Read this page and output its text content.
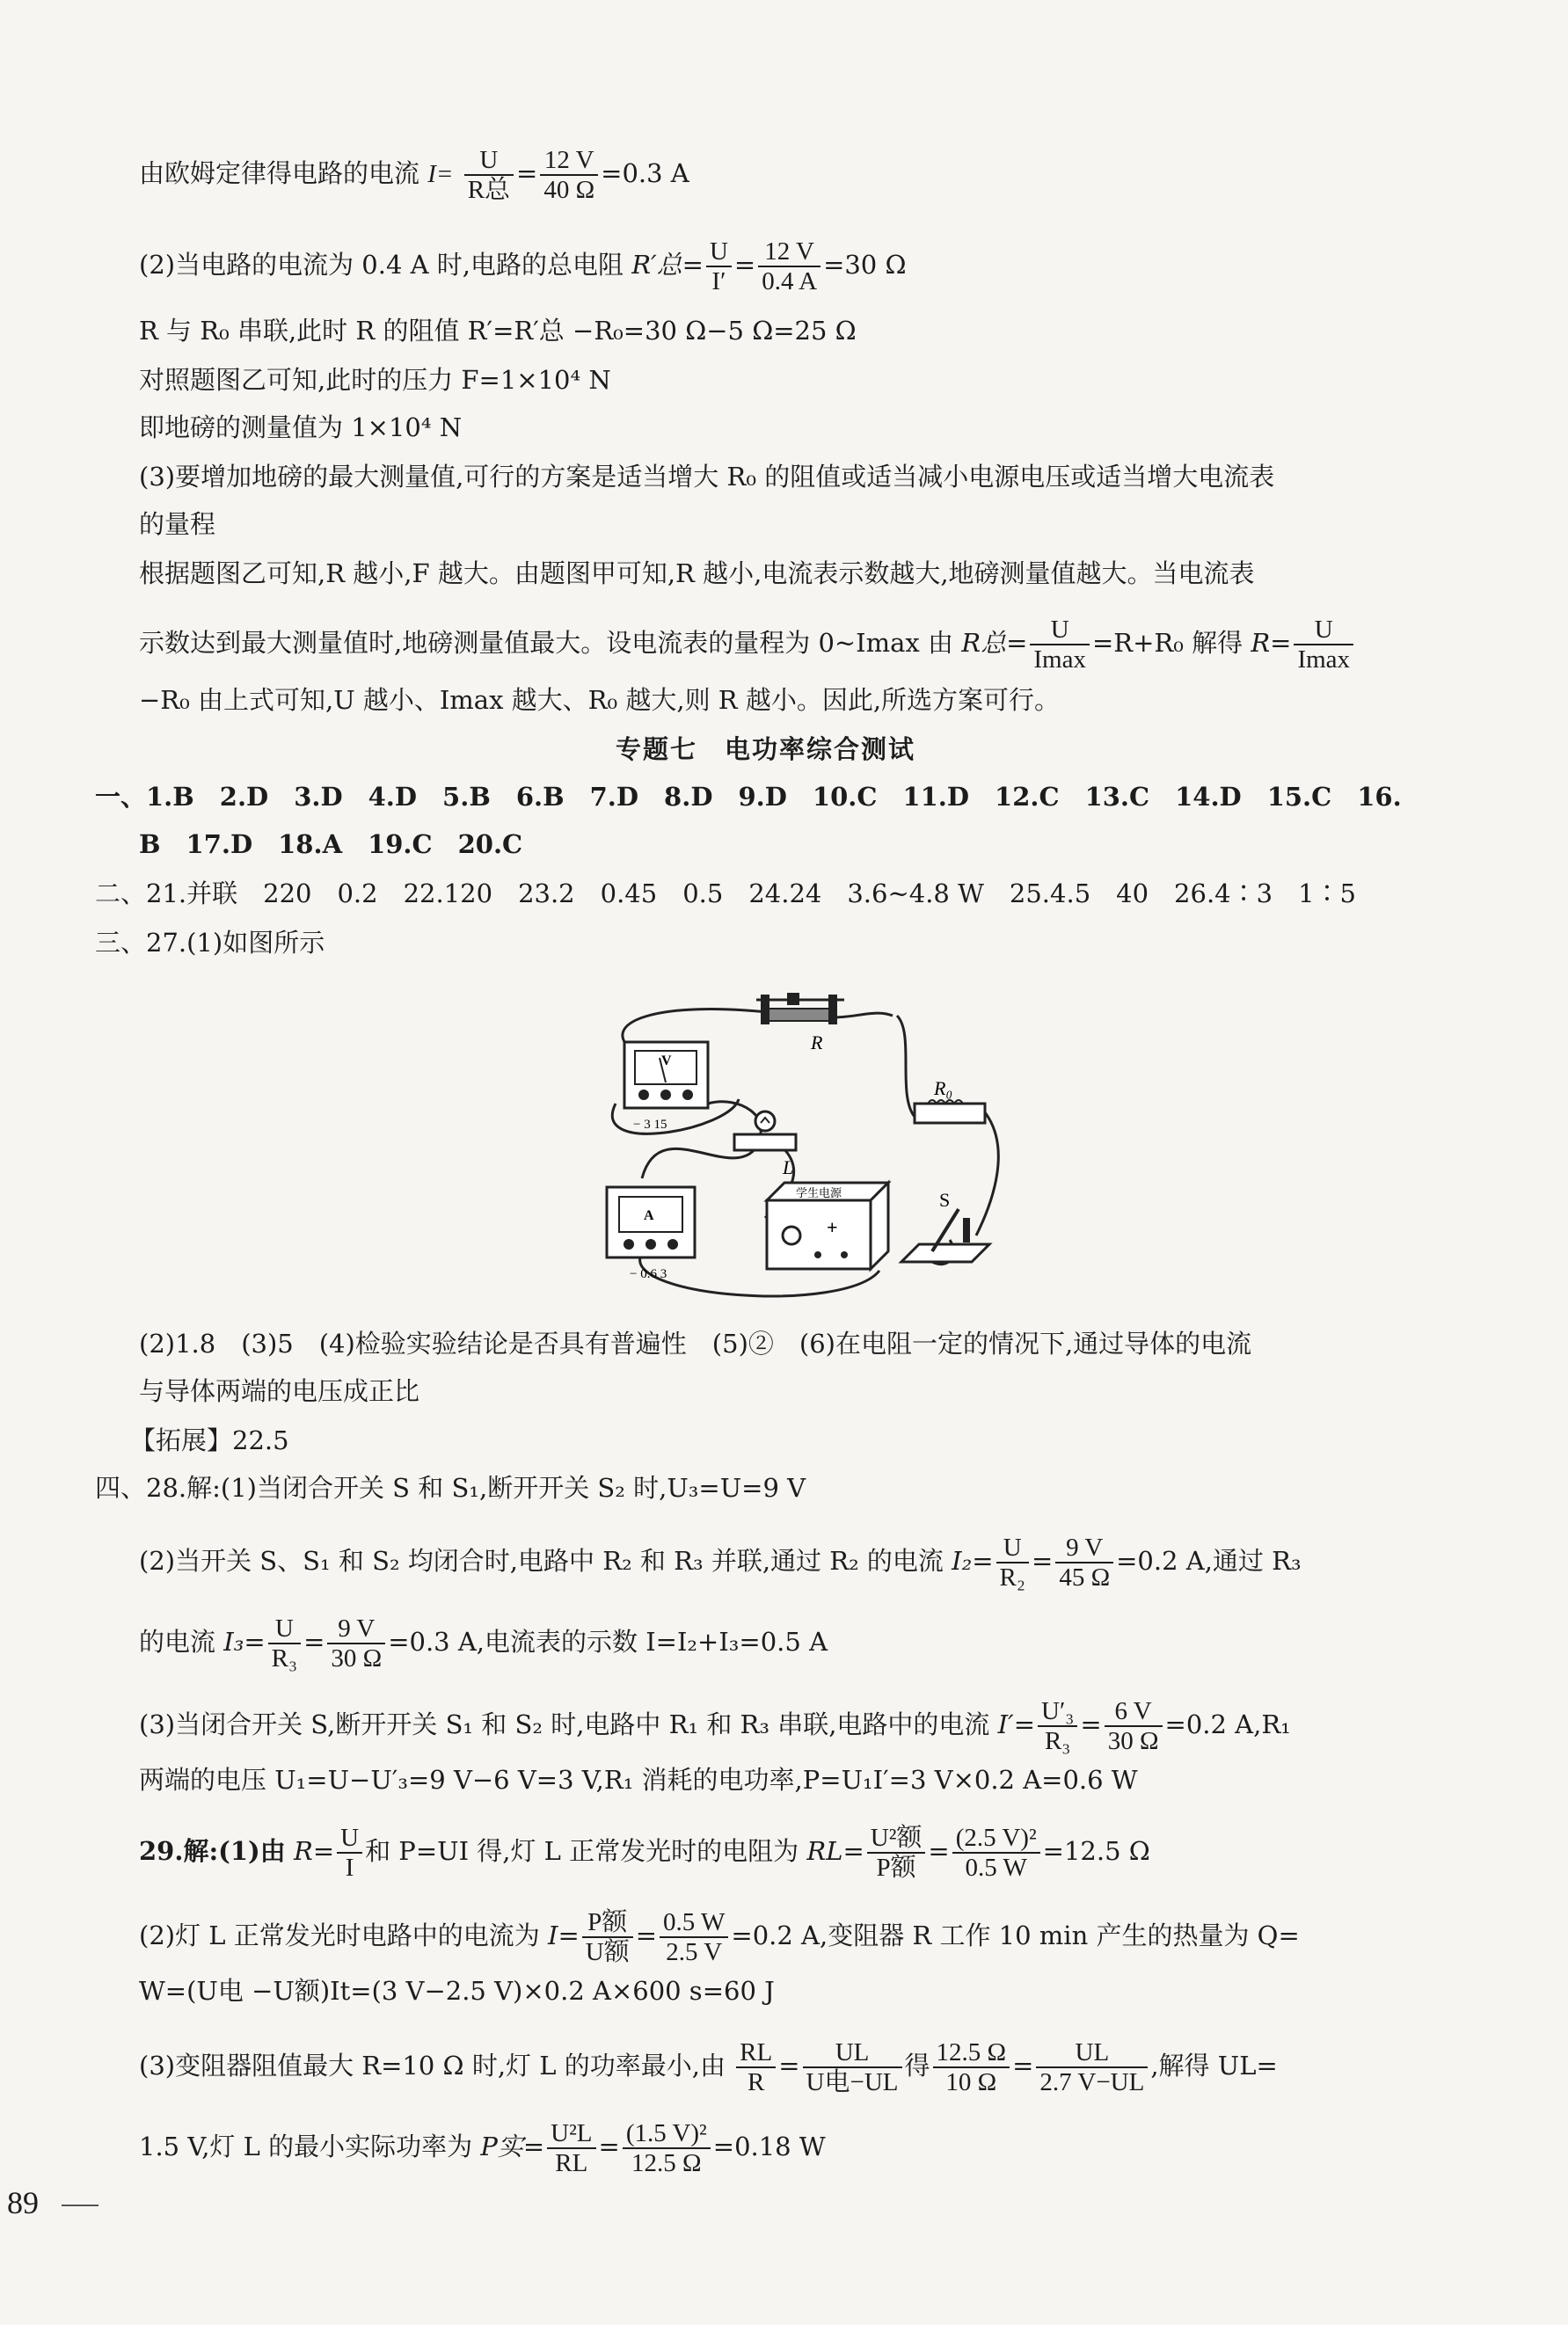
由欧姆定律得电路的电流 I=	U
R总
= $\frac{12 V}{40 \Omega} =0.3$ A
(2)当电路的电流为 0.4 A 时,电路的总电阻 R′总= $\frac{U}{I'} = \frac{12 V}{0.4 A} =30$ Ω
R 与 R₀ 串联,此时 R 的阻值 R′=R′总 −R₀=30 Ω−5 Ω=25 Ω
对照题图乙可知,此时的压力 F=1×10⁴ N
即地磅的测量值为 1×10⁴ N
(3)要增加地磅的最大测量值,可行的方案是适当增大 R₀ 的阻值或适当减小电源电压或适当增大电流表
的量程
根据题图乙可知,R 越小,F 越大。由题图甲可知,R 越小,电流表示数越大,地磅测量值越大。当电流表
示数达到最大测量值时,地磅测量值最大。设电流表的量程为 0~Imax 由 R总= U
Imax
=R+R₀ 解得 R= U
Imax
−R₀ 由上式可知,U 越小、Imax 越大、R₀ 越大,则 R 越小。因此,所选方案可行。
专题七　电功率综合测试
一、1.B　2.D　3.D　4.D　5.B　6.B　7.D　8.D　9.D　10.C　11.D　12.C　13.C　14.D　15.C　16.
B　17.D　18.A　19.C　20.C
二、21.并联　220　0.2　22.120　23.2　0.45　0.5　24.24　3.6~4.8 W　25.4.5　40　26.4∶3　1∶5
三、27.(1)如图所示
V
− 3 15
R
R₀
L
A
− 0.6 3
+
学生电源	S
(2)1.8　(3)5　(4)检验实验结论是否具有普遍性　(5)②　(6)在电阻一定的情况下,通过导体的电流
与导体两端的电压成正比
【拓展】22.5
四、28.解:(1)当闭合开关 S 和 S₁,断开开关 S₂ 时,U₃=U=9 V
(2)当开关 S、S₁ 和 S₂ 均闭合时,电路中 R₂ 和 R₃ 并联,通过 R₂ 的电流 $I_2= \frac{U}{\text{R₂}} = \frac{9 V}{45 \Omega} =0.2$ A,通过 R₃
的电流 $I_3= \frac{U}{\text{R₃}} = \frac{9 V}{30 \Omega} =0.3$ A,电流表的示数 I=I₂+I₃=0.5 A
(3)当闭合开关 S,断开开关 S₁ 和 S₂ 时,电路中 R₁ 和 R₃ 串联,电路中的电流 $I'= \frac{\text{U′₃}}{\text{R₃}} = \frac{6 V}{30 \Omega} =0.2$ A,R₁
两端的电压 U₁=U−U′₃=9 V−6 V=3 V,R₁ 消耗的电功率,P=U₁I′=3 V×0.2 A=0.6 W
29.解:(1)由 $R= \frac{U}{I}$ 和 P=UI 得,灯 L 正常发光时的电阻为 RL= U²额
P额
= $\frac{\text{(2.5 V)²}}{0.5 W} =12.5$ Ω
(2)灯 L 正常发光时电路中的电流为 I= P额
U额
= $\frac{0.5 W}{2.5 V} =0.2$ A,变阻器 R 工作 10 min 产生的热量为 Q=
W=(U电 −U额)It=(3 V−2.5 V)×0.2 A×600 s=60 J
(3)变阻器阻值最大 R=10 Ω 时,灯 L 的功率最小,由 $\frac{RL}{R}$ =	UL
U电−UL
得 $\frac{12.5 \Omega}{10 \Omega} = \frac{UL}{2.7 V-UL}$ ,解得 UL=
1.5 V,灯 L 的最小实际功率为 P实= $\frac{\text{U²L}}{RL} = \frac{\text{(1.5 V)²}}{12.5 \Omega} =0.18$ W
89
